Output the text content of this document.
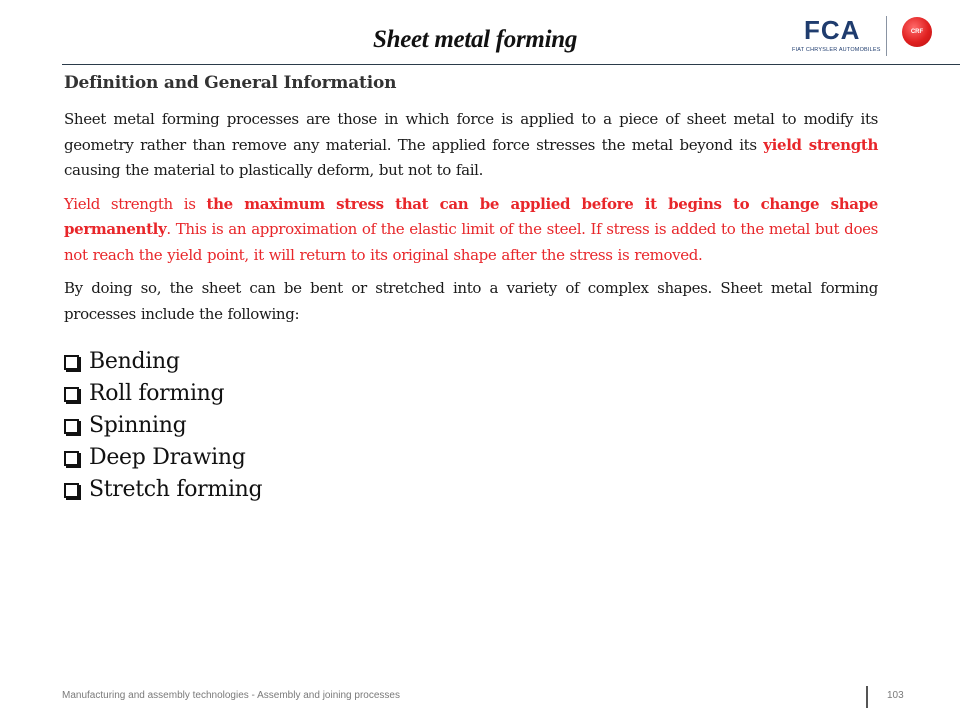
Sheet metal forming	FCA
FIAT CHRYSLER AUTOMOBILES
CRF
Definition and General Information

Sheet metal forming processes are those in which force is applied to a piece of sheet metal to modify its geometry rather than remove any material. The applied force stresses the metal beyond its yield strength causing the material to plastically deform, but not to fail.

Yield strength is the maximum stress that can be applied before it begins to change shape permanently. This is an approximation of the elastic limit of the steel. If stress is added to the metal but does not reach the yield point, it will return to its original shape after the stress is removed.

By doing so, the sheet can be bent or stretched into a variety of complex shapes. Sheet metal forming processes include the following:

Bending
Roll forming
Spinning
Deep Drawing
Stretch forming
Manufacturing and assembly technologies - Assembly and joining processes	103
